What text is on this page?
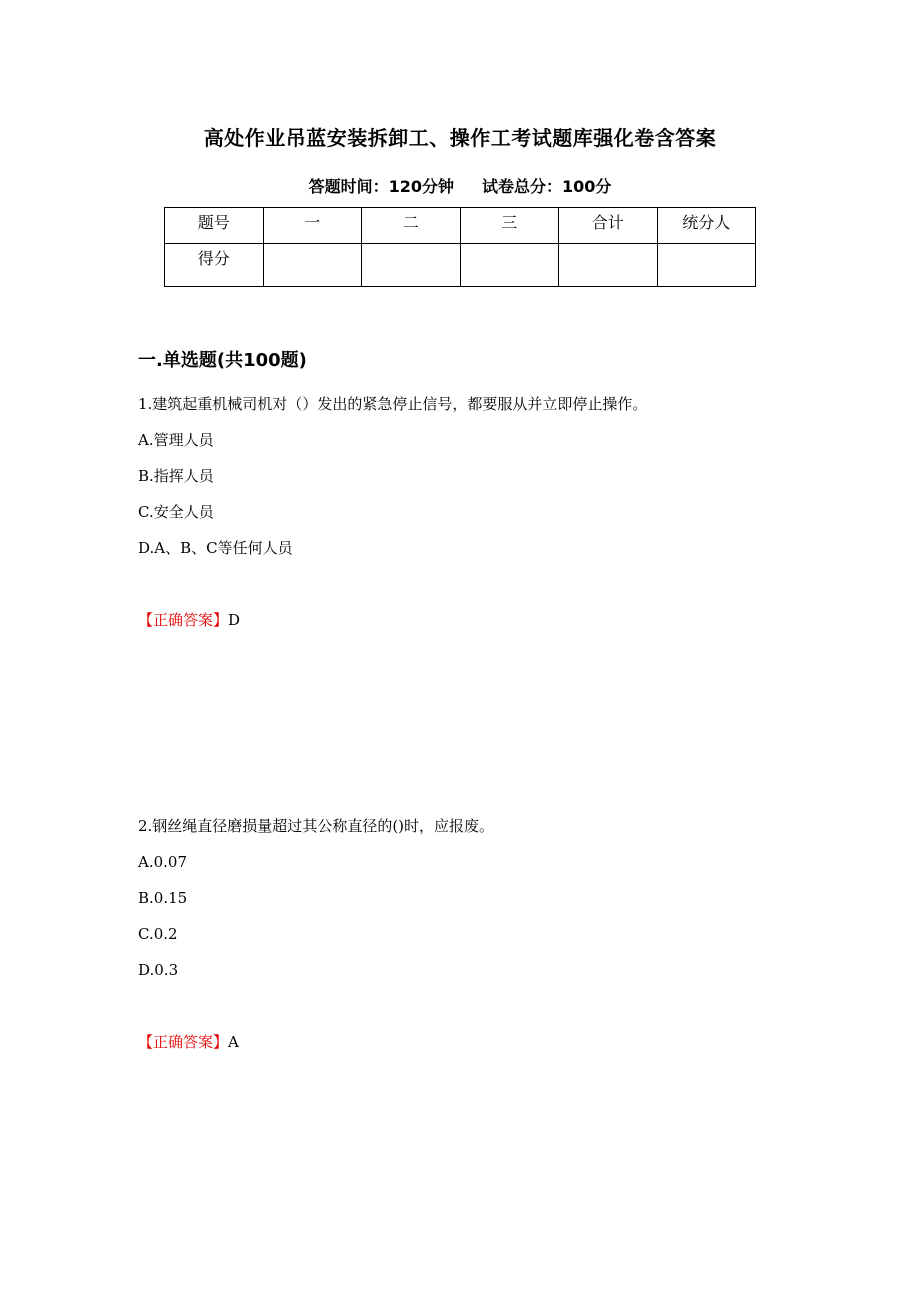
高处作业吊蓝安装拆卸工、操作工考试题库强化卷含答案
答题时间：120分钟 试卷总分：100分
题号	一	二	三	合计	统分人
得分					
一.单选题(共100题)
1.建筑起重机械司机对（）发出的紧急停止信号，都要服从并立即停止操作。
A.管理人员
B.指挥人员
C.安全人员
D.A、B、C等任何人员
【正确答案】D
2.钢丝绳直径磨损量超过其公称直径的()时，应报废。
A.0.07
B.0.15
C.0.2
D.0.3
【正确答案】A
